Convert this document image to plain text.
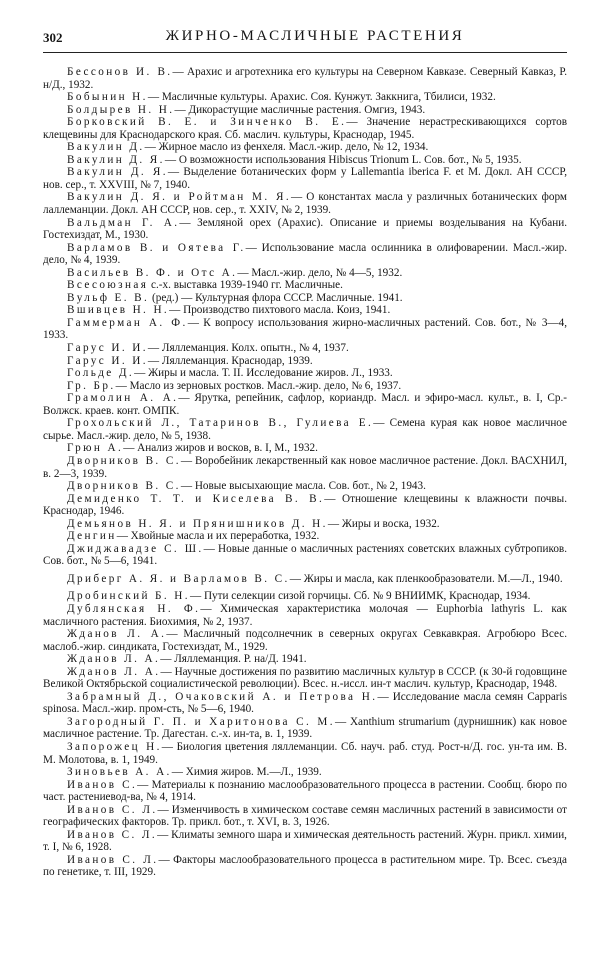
302	ЖИРНО-МАСЛИЧНЫЕ РАСТЕНИЯ

Бессонов И. В.— Арахис и агротехника его культуры на Северном Кавказе. Северный Кавказ, Р. н/Д., 1932.

Бобынин Н.— Масличные культуры. Арахис. Соя. Кунжут. Заккнига, Тбилиси, 1932.

Болдырев Н. Н.— Дикорастущие масличные растения. Омгиз, 1943.

Борковский В. Е. и Зинченко В. Е.— Значение нерастрескивающихся сортов клещевины для Краснодарского края. Сб. маслич. культуры, Краснодар, 1945.

Вакулин Д.— Жирное масло из фенхеля. Масл.-жир. дело, № 12, 1934.

Вакулин Д. Я.— О возможности использования Hibiscus Trionum L. Сов. бот., № 5, 1935.

Вакулин Д. Я.— Выделение ботанических форм у Lallemantia iberica F. et M. Докл. АН СССР, нов. сер., т. XXVIII, № 7, 1940.

Вакулин Д. Я. и Ройтман М. Я.— О константах масла у различных ботанических форм лаллеманции. Докл. АН СССР, нов. сер., т. XXIV, № 2, 1939.

Вальдман Г. А.— Земляной орех (Арахис). Описание и приемы возделывания на Кубани. Гостехиздат, М., 1930.

Варламов В. и Оятева Г.— Использование масла ослинника в олифоварении. Масл.-жир. дело, № 4, 1939.

Васильев В. Ф. и Отс А.— Масл.-жир. дело, № 4—5, 1932.

Всесоюзная с.-х. выставка 1939-1940 гг. Масличные.

Вульф Е. В. (ред.) — Культурная флора СССР. Масличные. 1941.

Вшивцев Н. Н.— Производство пихтового масла. Коиз, 1941.

Гаммерман А. Ф.— К вопросу использования жирно-масличных растений. Сов. бот., № 3—4, 1933.

Гарус И. И.— Ляллеманция. Колх. опытн., № 4, 1937.

Гарус И. И.— Ляллеманция. Краснодар, 1939.

Гольде Д.— Жиры и масла. Т. II. Исследование жиров. Л., 1933.

Гр. Бр.— Масло из зерновых ростков. Масл.-жир. дело, № 6, 1937.

Грамолин А. А.— Ярутка, репейник, сафлор, кориандр. Масл. и эфиро-масл. культ., в. I, Ср.-Волжск. краев. конт. ОМПК.

Грохольский Л., Татаринов В., Гулиева Е.— Семена курая как новое масличное сырье. Масл.-жир. дело, № 5, 1938.

Грюн А.— Анализ жиров и восков, в. I, М., 1932.

Дворников В. С.— Воробейник лекарственный как новое масличное растение. Докл. ВАСХНИЛ, в. 2—3, 1939.

Дворников В. С.— Новые высыхающие масла. Сов. бот., № 2, 1943.

Демиденко Т. Т. и Киселева В. В.— Отношение клещевины к влажности почвы. Краснодар, 1946.

Демьянов Н. Я. и Прянишников Д. Н.— Жиры и воска, 1932.

Денгин— Хвойные масла и их переработка, 1932.

Джиджавадзе С. Ш.— Новые данные о масличных растениях советских влажных субтропиков. Сов. бот., № 5—6, 1941.

Дриберг А. Я. и Варламов В. С.— Жиры и масла, как пленкообразователи. М.—Л., 1940.

Дробинский Б. Н.— Пути селекции сизой горчицы. Сб. № 9 ВНИИМК, Краснодар, 1934.

Дублянская Н. Ф.— Химическая характеристика молочая — Euphorbia lathyris L. как масличного растения. Биохимия, № 2, 1937.

Жданов Л. А.— Масличный подсолнечник в северных округах Севкавкрая. Агробюро Всес. маслоб.-жир. синдиката, Гостехиздат, М., 1929.

Жданов Л. А.— Ляллеманция. Р. на/Д. 1941.

Жданов Л. А.— Научные достижения по развитию масличных культур в СССР. (к 30-й годовщине Великой Октябрьской социалистической революции). Всес. н.-иссл. ин-т маслич. культур, Краснодар, 1948.

Забрамный Д., Очаковский А. и Петрова Н.— Исследование масла семян Capparis spinosa. Масл.-жир. пром-сть, № 5—6, 1940.

Загородный Г. П. и Харитонова С. М.— Xanthium strumarium (дурнишник) как новое масличное растение. Тр. Дагестан. с.-х. ин-та, в. 1, 1939.

Запорожец Н.— Биология цветения ляллеманции. Сб. науч. раб. студ. Рост-н/Д. гос. ун-та им. В. М. Молотова, в. 1, 1949.

Зиновьев А. А.— Химия жиров. М.—Л., 1939.

Иванов С.— Материалы к познанию маслообразовательного процесса в растении. Сообщ. бюро по част. растениевод-ва, № 4, 1914.

Иванов С. Л.— Изменчивость в химическом составе семян масличных растений в зависимости от географических факторов. Тр. прикл. бот., т. XVI, в. 3, 1926.

Иванов С. Л.— Климаты земного шара и химическая деятельность растений. Журн. прикл. химии, т. I, № 6, 1928.

Иванов С. Л.— Факторы маслообразовательного процесса в растительном мире. Тр. Всес. съезда по генетике, т. III, 1929.
